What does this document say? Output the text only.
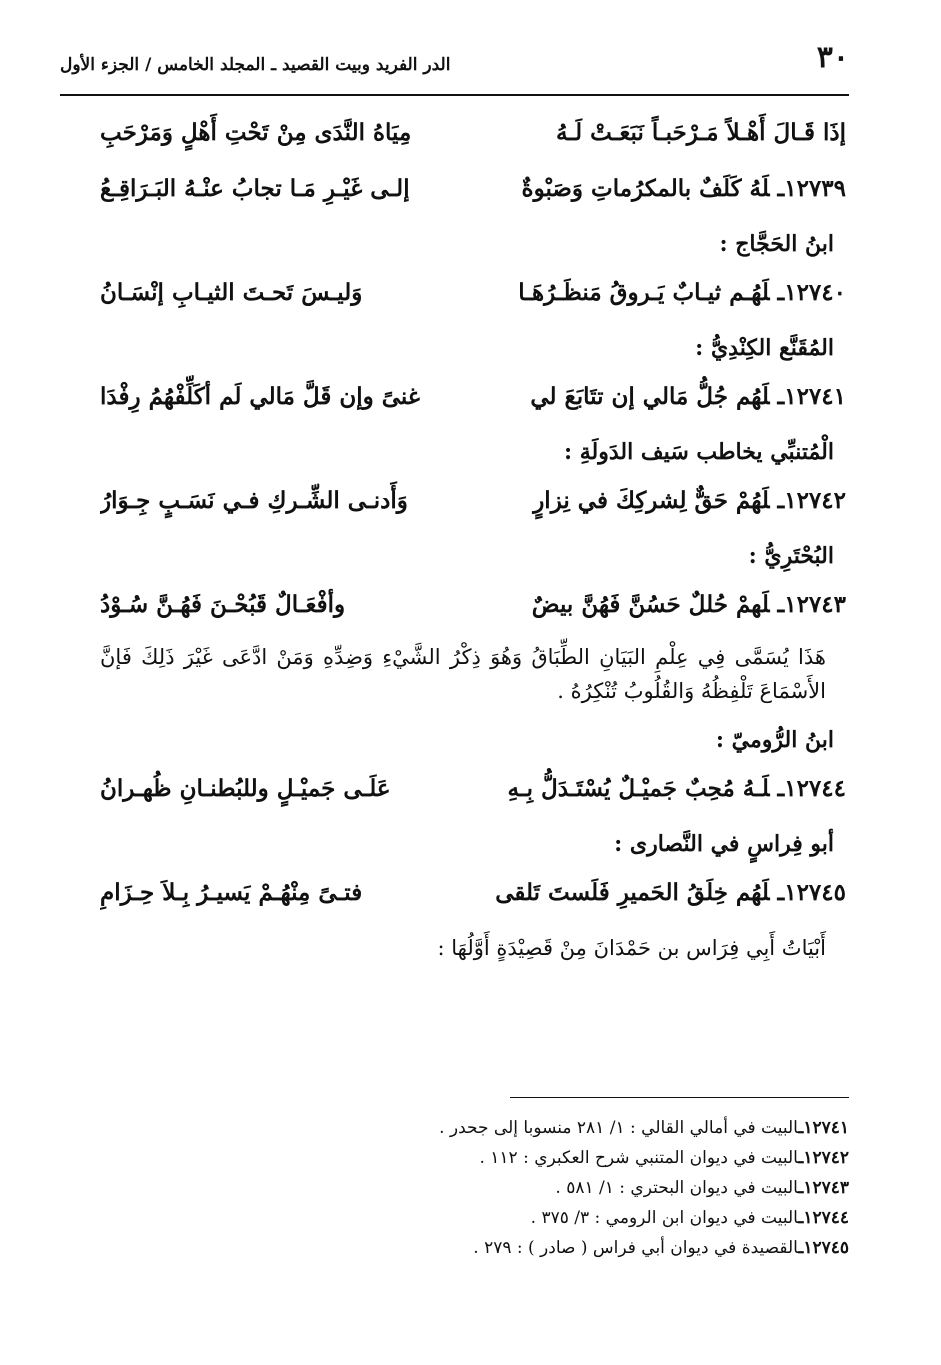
٣٠
الدر الفريد وبيت القصيد ـ المجلد الخامس / الجزء الأول
إذَا قَـالَ أَهْـلاً مَـرْحَبـاً نَبَعَـتْ لَـهُ
مِيَاهُ النَّدَى مِنْ تَحْتِ أَهْلٍ وَمَرْحَبِ
١٢٧٣٩ـلَهُ كَلَفٌ بالمكرُماتِ وَصَبْوةٌ
إلـى غَيْـرِ مَـا تجابُ عنْـهُ البَـرَاقِـعُ
ابنُ الحَجَّاج :
١٢٧٤٠ـلَهُـم ثيـابٌ يَـروقُ مَنظَـرُهَـا
وَليـسَ تَحـتَ الثيـابِ إنْسَـانُ
المُقَنَّع الكِنْدِيُّ :
١٢٧٤١ـلَهُم جُلُّ مَالي إن تتَابَعَ لي
غنىً وإن قَلَّ مَالي لَم أكَلِّفْهُمُ رِفْدَا
الْمُتنبِّي يخاطب سَيف الدَولَةِ :
١٢٧٤٢ـلَهُمْ حَقٌّ لِشركِكَ في نِزارٍ
وَأَدنـى الشِّـركِ فـي نَسَـبٍ جِـوَارُ
البُحْتَرِيُّ :
١٢٧٤٣ـلَهمْ حُللٌ حَسُنَّ فَهُنَّ بيضٌ
وأفْعَـالٌ قَبُحْـنَ فَهُـنَّ سُـوْدُ
هَذَا يُسَمَّى فِي عِلْمِ البَيَانِ الطِّبَاقُ وَهُوَ ذِكْرُ الشَّيْءِ وَضِدِّهِ وَمَنْ ادَّعَى غَيْرَ ذَلِكَ فَإنَّ الأَسْمَاعَ تَلْفِظُهُ وَالقُلُوبُ تُنْكِرُهُ .
ابنُ الرُّوميّ :
١٢٧٤٤ـلَـهُ مُحِبٌ جَميْـلٌ يُسْتَـدَلُّ بِـهِ
عَلَـى جَميْـلٍ وللبُطنـانِ ظُهـرانُ
أبو فِراسٍ في النَّصارى :
١٢٧٤٥ـلَهُم خِلَقُ الحَميرِ فَلَستَ تَلقى
فتـىً مِنْهُـمْ يَسيـرُ بِـلاَ حِـزَامِ
أَبْيَاتُ أَبِي فِرَاس بن حَمْدَانَ مِنْ قَصِيْدَةٍ أَوَّلُهَا :
١٢٧٤١ـالبيت في أمالي القالي : ١/ ٢٨١ منسوبا إلى جحدر .
١٢٧٤٢ـالبيت في ديوان المتنبي شرح العكبري : ١١٢ .
١٢٧٤٣ـالبيت في ديوان البحتري : ١/ ٥٨١ .
١٢٧٤٤ـالبيت في ديوان ابن الرومي : ٣/ ٣٧٥ .
١٢٧٤٥ـالقصيدة في ديوان أبي فراس ( صادر ) : ٢٧٩ .
